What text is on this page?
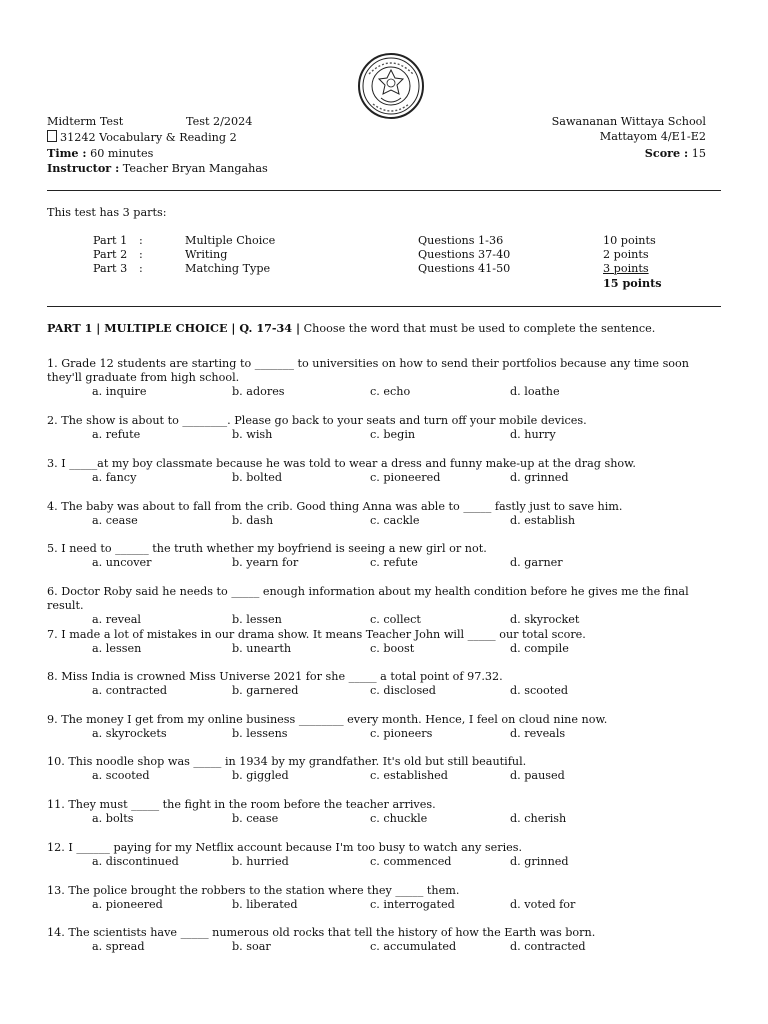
Midterm Test	Test 2/2024
31242 Vocabulary & Reading 2
Time : 60 minutes
Instructor : Teacher Bryan Mangahas
Sawananan Wittaya School
Mattayom 4/E1-E2
Score : 15
This test has 3 parts:
Part 1 :	Multiple Choice	Questions 1-36	10 points
Part 2 :	Writing	Questions 37-40	2 points
Part 3 :	Matching Type	Questions 41-50	3 points
15 points
PART 1 | MULTIPLE CHOICE | Q. 17-34 | Choose the word that must be used to complete the sentence.
1. Grade 12 students are starting to _______ to universities on how to send their portfolios because any time soon they'll graduate from high school.
a. inquire	b. adores	c. echo	d. loathe
2. The show is about to ________. Please go back to your seats and turn off your mobile devices.
a. refute	b. wish	c. begin	d. hurry
3. I _____at my boy classmate because he was told to wear a dress and funny make-up at the drag show.
a. fancy	b. bolted	c. pioneered	d. grinned
4. The baby was about to fall from the crib. Good thing Anna was able to _____ fastly just to save him.
a. cease	b. dash	c. cackle	d. establish
5. I need to ______ the truth whether my boyfriend is seeing a new girl or not.
a. uncover	b. yearn for	c. refute	d. garner
6. Doctor Roby said he needs to _____ enough information about my health condition before he gives me the final result.
a. reveal	b. lessen	c. collect	d. skyrocket
7. I made a lot of mistakes in our drama show. It means Teacher John will _____ our total score.
a. lessen	b. unearth	c. boost	d. compile
8. Miss India is crowned Miss Universe 2021 for she _____ a total point of 97.32.
a. contracted	b. garnered	c. disclosed	d. scooted
9. The money I get from my online business ________ every month. Hence, I feel on cloud nine now.
a. skyrockets	b. lessens	c. pioneers	d. reveals
10. This noodle shop was _____ in 1934 by my grandfather. It's old but still beautiful.
a. scooted	b. giggled	c. established	d. paused
11. They must _____ the fight in the room before the teacher arrives.
a. bolts	b. cease	c. chuckle	d. cherish
12. I ______ paying for my Netflix account because I'm too busy to watch any series.
a. discontinued	b. hurried	c. commenced	d. grinned
13. The police brought the robbers to the station where they _____ them.
a. pioneered	b. liberated	c. interrogated	d. voted for
14. The scientists have _____ numerous old rocks that tell the history of how the Earth was born.
a. spread	b. soar	c. accumulated	d. contracted
